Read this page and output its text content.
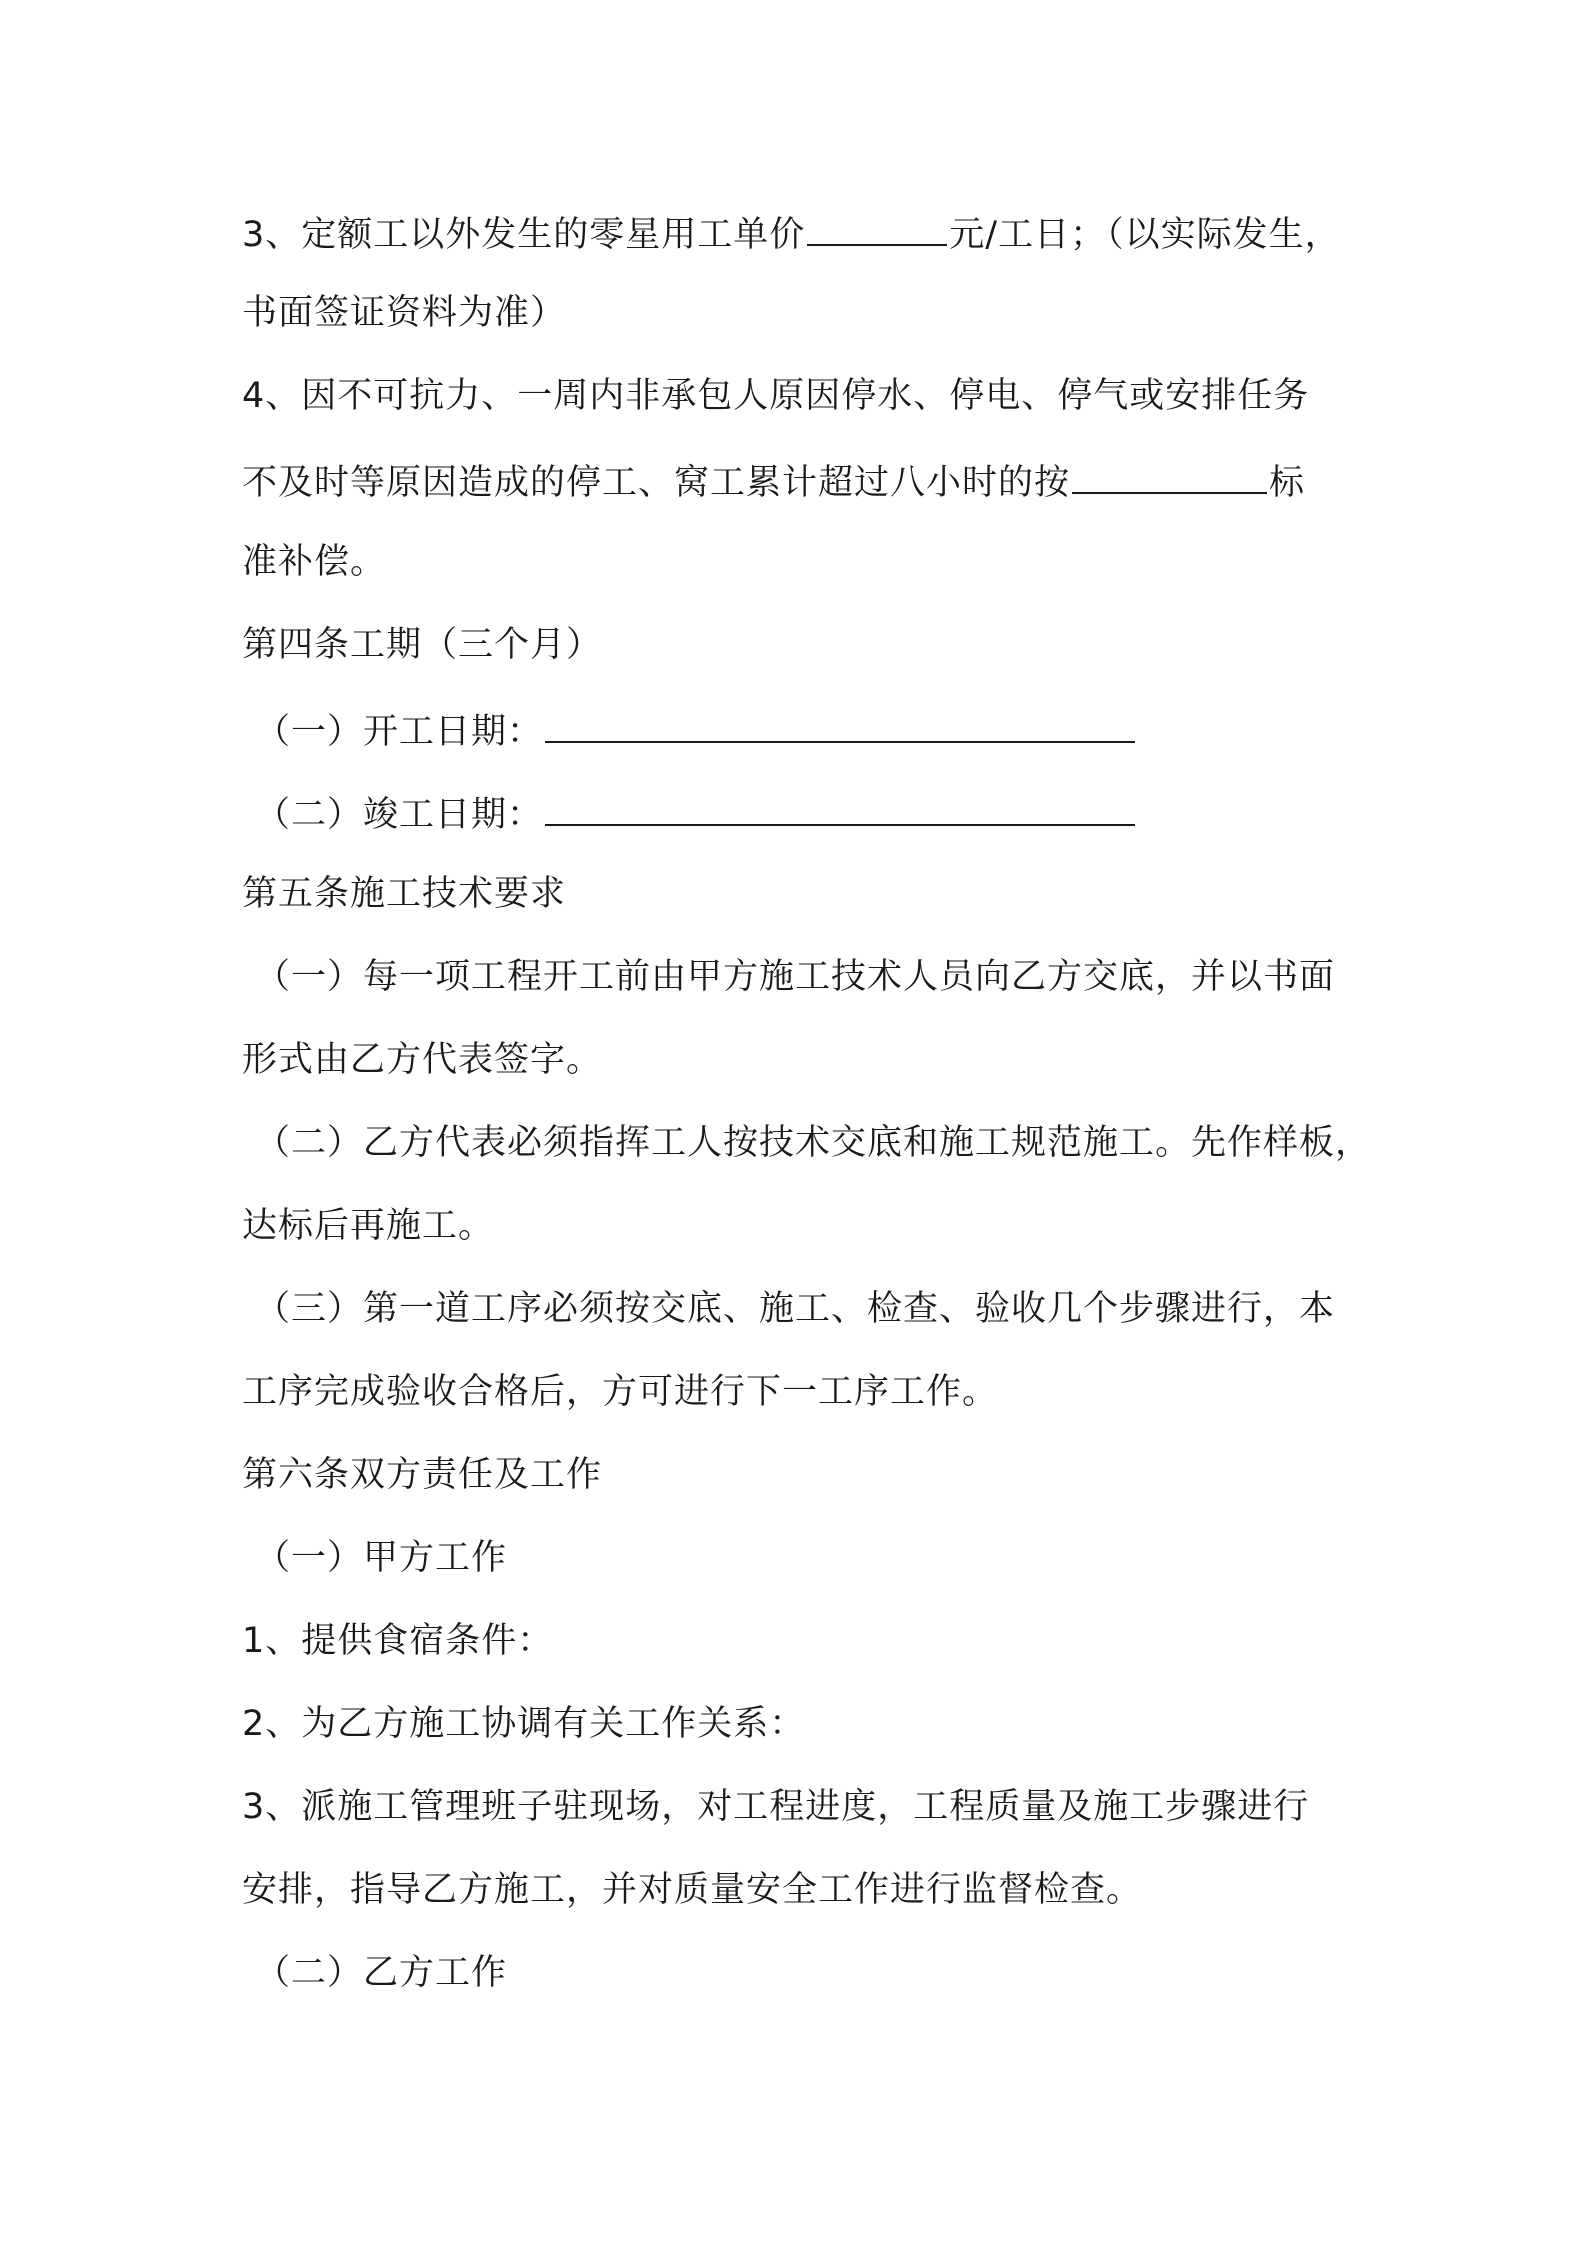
3、定额工以外发生的零星用工单价	元/工日；（以实际发生，
书面签证资料为准）
4、因不可抗力、一周内非承包人原因停水、停电、停气或安排任务
不及时等原因造成的停工、窝工累计超过八小时的按	标
准补偿。
第四条工期（三个月）
（一）开工日期：
（二）竣工日期：
第五条施工技术要求
（一）每一项工程开工前由甲方施工技术人员向乙方交底，并以书面
形式由乙方代表签字。
（二）乙方代表必须指挥工人按技术交底和施工规范施工。先作样板，
达标后再施工。
（三）第一道工序必须按交底、施工、检查、验收几个步骤进行，本
工序完成验收合格后，方可进行下一工序工作。
第六条双方责任及工作
（一）甲方工作
1、提供食宿条件：
2、为乙方施工协调有关工作关系：
3、派施工管理班子驻现场，对工程进度，工程质量及施工步骤进行
安排，指导乙方施工，并对质量安全工作进行监督检查。
（二）乙方工作
